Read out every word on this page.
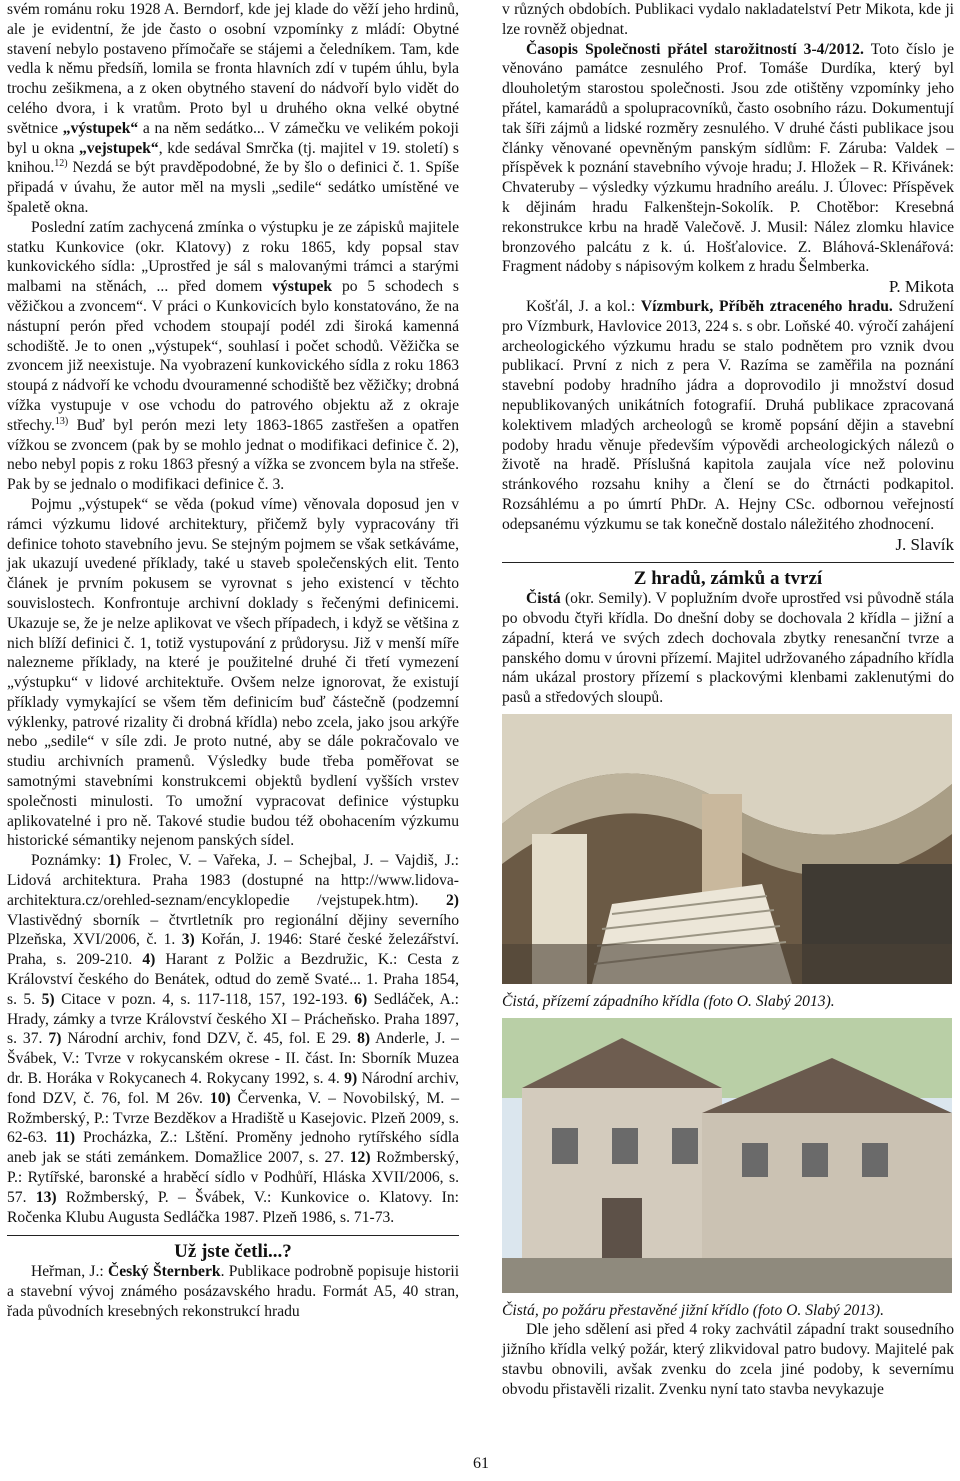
svém románu roku 1928 A. Berndorf, kde jej klade do věží jeho hrdinů, ale je evidentní, že jde často o osobní vzpomínky z mládí: Obytné stavení nebylo postaveno přímočaře se stájemi a čeledníkem. Tam, kde vedla k němu předsíň, lomila se fronta hlavních zdí v tupém úhlu, byla trochu zešikmena, a z oken obytného stavení do nádvoří bylo vidět do celého dvora, i k vratům. Proto byl u druhého okna velké obytné světnice „výstupek“ a na něm sedátko... V zámečku ve velikém pokoji byl u okna „vejstupek“, kde sedával Smrčka (tj. majitel v 19. století) s knihou.$^{12)}$ Nezdá se být pravděpodobné, že by šlo o definici č. 1. Spíše připadá v úvahu, že autor měl na mysli „sedile“ sedátko umístěné ve špaletě okna.

Poslední zatím zachycená zmínka o výstupku je ze zápisků majitele statku Kunkovice (okr. Klatovy) z roku 1865, kdy popsal stav kunkovického sídla: „Uprostřed je sál s malovanými trámci a starými malbami na stěnách, ... před domem výstupek po 5 schodech s věžičkou a zvoncem“. V práci o Kunkovicích bylo konstatováno, že na nástupní perón před vchodem stoupají podél zdi široká kamenná schodiště. Je to onen „výstupek“, souhlasí i počet schodů. Věžička se zvoncem již neexistuje. Na vyobrazení kunkovického sídla z roku 1863 stoupá z nádvoří ke vchodu dvouramenné schodiště bez věžičky; drobná vížka vystupuje v ose vchodu do patrového objektu až z okraje střechy.$^{13)}$ Buď byl perón mezi lety 1863-1865 zastřešen a opatřen vížkou se zvoncem (pak by se mohlo jednat o modifikaci definice č. 2), nebo nebyl popis z roku 1863 přesný a vížka se zvoncem byla na střeše. Pak by se jednalo o modifikaci definice č. 3.

Pojmu „výstupek“ se věda (pokud víme) věnovala doposud jen v rámci výzkumu lidové architektury, přičemž byly vypracovány tři definice tohoto stavebního jevu. Se stejným pojmem se však setkáváme, jak ukazují uvedené příklady, také u staveb společenských elit. Tento článek je prvním pokusem se vyrovnat s jeho existencí v těchto souvislostech. Konfrontuje archivní doklady s řečenými definicemi. Ukazuje se, že je nelze aplikovat ve všech případech, i když se většina z nich blíží definici č. 1, totiž vystupování z průdorysu. Již v menší míře nalezneme příklady, na které je použitelné druhé či třetí vymezení „výstupku“ v lidové architektuře. Ovšem nelze ignorovat, že existují příklady vymykající se všem těm definicím buď částečně (podzemní výklenky, patrové rizality či drobná křídla) nebo zcela, jako jsou arkýře nebo „sedile“ v síle zdi. Je proto nutné, aby se dále pokračovalo ve studiu archivních pramenů. Výsledky bude třeba poměřovat se samotnými stavebními konstrukcemi objektů bydlení vyšších vrstev společnosti minulosti. To umožní vypracovat definice výstupku aplikovatelné i pro ně. Takové studie budou též obohacením výzkumu historické sémantiky nejenom panských sídel.

Poznámky: 1) Frolec, V. – Vařeka, J. – Schejbal, J. – Vajdiš, J.: Lidová architektura. Praha 1983 (dostupné na http://www.lidova-architektura.cz/orehled-seznam/encyklopedie /vejstupek.htm). 2) Vlastivědný sborník – čtvrtletník pro regionální dějiny severního Plzeňska, XVI/2006, č. 1. 3) Kořán, J. 1946: Staré české železářství. Praha, s. 209-210. 4) Harant z Polžic a Bezdružic, K.: Cesta z Království českého do Benátek, odtud do země Svaté... 1. Praha 1854, s. 5. 5) Citace v pozn. 4, s. 117-118, 157, 192-193. 6) Sedláček, A.: Hrady, zámky a tvrze Království českého XI – Prácheňsko. Praha 1897, s. 37. 7) Národní archiv, fond DZV, č. 45, fol. E 29. 8) Anderle, J. – Švábek, V.: Tvrze v rokycanském okrese - II. část. In: Sborník Muzea dr. B. Horáka v Rokycanech 4. Rokycany 1992, s. 4. 9) Národní archiv, fond DZV, č. 76, fol. M 26v. 10) Červenka, V. – Novobilský, M. – Rožmberský, P.: Tvrze Bezděkov a Hradiště u Kasejovic. Plzeň 2009, s. 62-63. 11) Procházka, Z.: Lštění. Proměny jednoho rytířského sídla aneb jak se státi zemánkem. Domažlice 2007, s. 27. 12) Rožmberský, P.: Rytířské, baronské a hraběcí sídlo v Podhůří, Hláska XVII/2006, s. 57. 13) Rožmberský, P. – Švábek, V.: Kunkovice o. Klatovy. In: Ročenka Klubu Augusta Sedláčka 1987. Plzeň 1986, s. 71-73.

Už jste četli...?

Heřman, J.: Český Šternberk. Publikace podrobně popisuje historii a stavební vývoj známého posázavského hradu. Formát A5, 40 stran, řada původních kresebných rekonstrukcí hradu

v různých obdobích. Publikaci vydalo nakladatelství Petr Mikota, kde ji lze rovněž objednat.

Časopis Společnosti přátel starožitností 3-4/2012. Toto číslo je věnováno památce zesnulého Prof. Tomáše Durdíka, který byl dlouholetým starostou společnosti. Jsou zde otištěny vzpomínky jeho přátel, kamarádů a spolupracovníků, často osobního rázu. Dokumentují tak šíři zájmů a lidské rozměry zesnulého. V druhé části publikace jsou články věnované opevněným panským sídlům: F. Záruba: Valdek – příspěvek k poznání stavebního vývoje hradu; J. Hložek – R. Křivánek: Chvateruby – výsledky výzkumu hradního areálu. J. Úlovec: Příspěvek k dějinám hradu Falkenštejn-Sokolík. P. Chotěbor: Kresebná rekonstrukce krbu na hradě Valečově. J. Musil: Nález zlomku hlavice bronzového palcátu z k. ú. Hošťalovice. Z. Bláhová-Sklenářová: Fragment nádoby s nápisovým kolkem z hradu Šelmberka.

P. Mikota

Košťál, J. a kol.: Vízmburk, Příběh ztraceného hradu. Sdružení pro Vízmburk, Havlovice 2013, 224 s. s obr. Loňské 40. výročí zahájení archeologického výzkumu hradu se stalo podnětem pro vznik dvou publikací. První z nich z pera V. Razíma se zaměřila na poznání stavební podoby hradního jádra a doprovodilo ji množství dosud nepublikovaných unikátních fotografií. Druhá publikace zpracovaná kolektivem mladých archeologů se kromě popsání dějin a stavební podoby hradu věnuje především výpovědi archeologických nálezů o životě na hradě. Příslušná kapitola zaujala více než polovinu stránkového rozsahu knihy a člení se do čtrnácti podkapitol. Rozsáhlému a po úmrtí PhDr. A. Hejny CSc. odbornou veřejností odepsanému výzkumu se tak konečně dostalo náležitého zhodnocení.

J. Slavík

Z hradů, zámků a tvrzí

Čistá (okr. Semily). V poplužním dvoře uprostřed vsi původně stála po obvodu čtyři křídla. Do dnešní doby se dochovala 2 křídla – jižní a západní, která ve svých zdech dochovala zbytky renesanční tvrze a panského domu v úrovni přízemí. Majitel udržovaného západního křídla nám ukázal prostory přízemí s plackovými klenbami zaklenutými do pasů a středových sloupů.

Čistá, přízemí západního křídla (foto O. Slabý 2013).

Čistá, po požáru přestavěné jižní křídlo (foto O. Slabý 2013).

Dle jeho sdělení asi před 4 roky zachvátil západní trakt sousedního jižního křídla velký požár, který zlikvidoval patro budovy. Majitelé pak stavbu obnovili, avšak zvenku do zcela jiné podoby, k severnímu obvodu přistavěli rizalit. Zvenku nyní tato stavba nevykazuje

61
